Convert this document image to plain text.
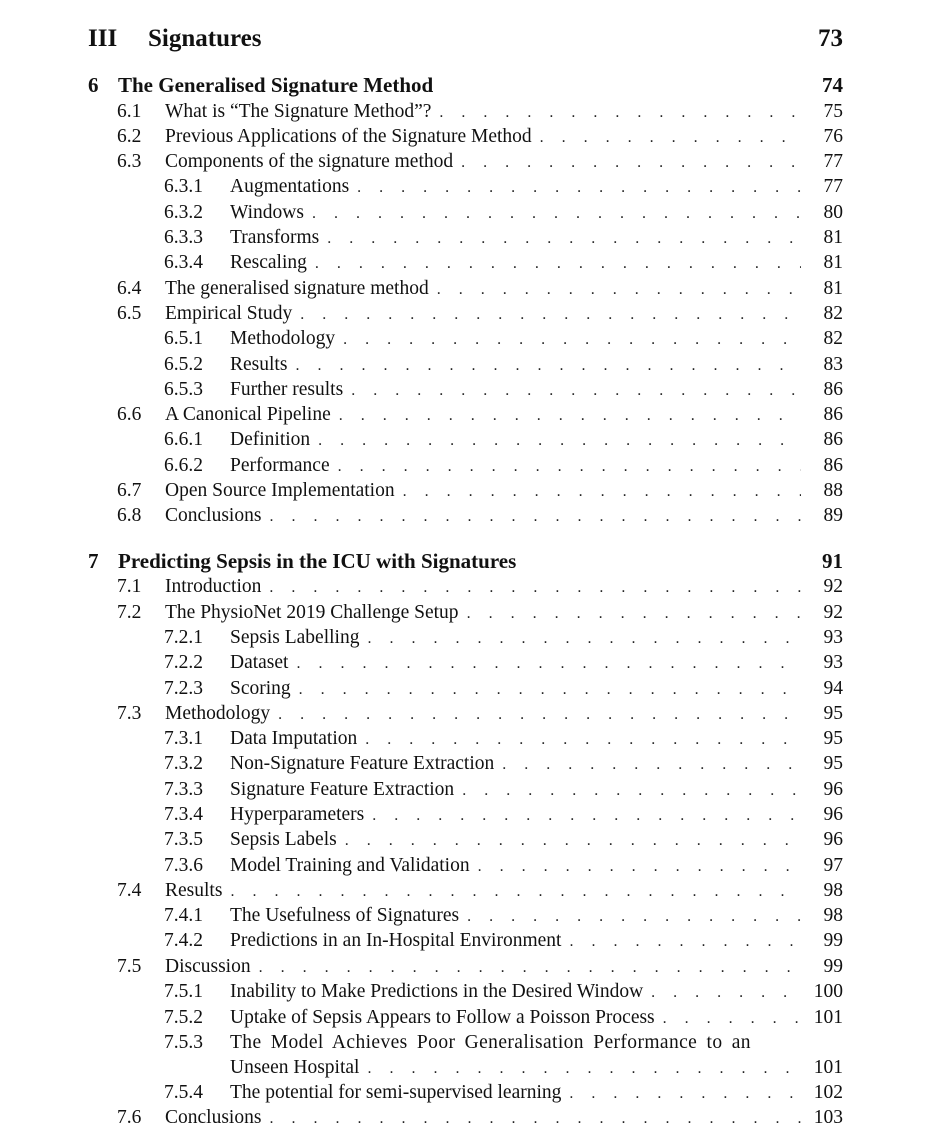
III Signatures	73
6 The Generalised Signature Method	74
6.1	What is “The Signature Method”? . . .	75
6.2	Previous Applications of the Signature Method . . .	76
6.3	Components of the signature method . . .	77
6.3.1	Augmentations . . .	77
6.3.2	Windows . . .	80
6.3.3	Transforms . . .	81
6.3.4	Rescaling . . .	81
6.4	The generalised signature method . . .	81
6.5	Empirical Study . . .	82
6.5.1	Methodology . . .	82
6.5.2	Results . . .	83
6.5.3	Further results . . .	86
6.6	A Canonical Pipeline . . .	86
6.6.1	Definition . . .	86
6.6.2	Performance . . .	86
6.7	Open Source Implementation . . .	88
6.8	Conclusions . . .	89
7 Predicting Sepsis in the ICU with Signatures	91
7.1	Introduction . . .	92
7.2	The PhysioNet 2019 Challenge Setup . . .	92
7.2.1	Sepsis Labelling . . .	93
7.2.2	Dataset . . .	93
7.2.3	Scoring . . .	94
7.3	Methodology . . .	95
7.3.1	Data Imputation . . .	95
7.3.2	Non-Signature Feature Extraction . . .	95
7.3.3	Signature Feature Extraction . . .	96
7.3.4	Hyperparameters . . .	96
7.3.5	Sepsis Labels . . .	96
7.3.6	Model Training and Validation . . .	97
7.4	Results . . .	98
7.4.1	The Usefulness of Signatures . . .	98
7.4.2	Predictions in an In-Hospital Environment . . .	99
7.5	Discussion . . .	99
7.5.1	Inability to Make Predictions in the Desired Window . . .	100
7.5.2	Uptake of Sepsis Appears to Follow a Poisson Process . . .	101
7.5.3	The Model Achieves Poor Generalisation Performance to an
Unseen Hospital . . .	101
7.5.4	The potential for semi-supervised learning . . .	102
7.6	Conclusions . . .	103
